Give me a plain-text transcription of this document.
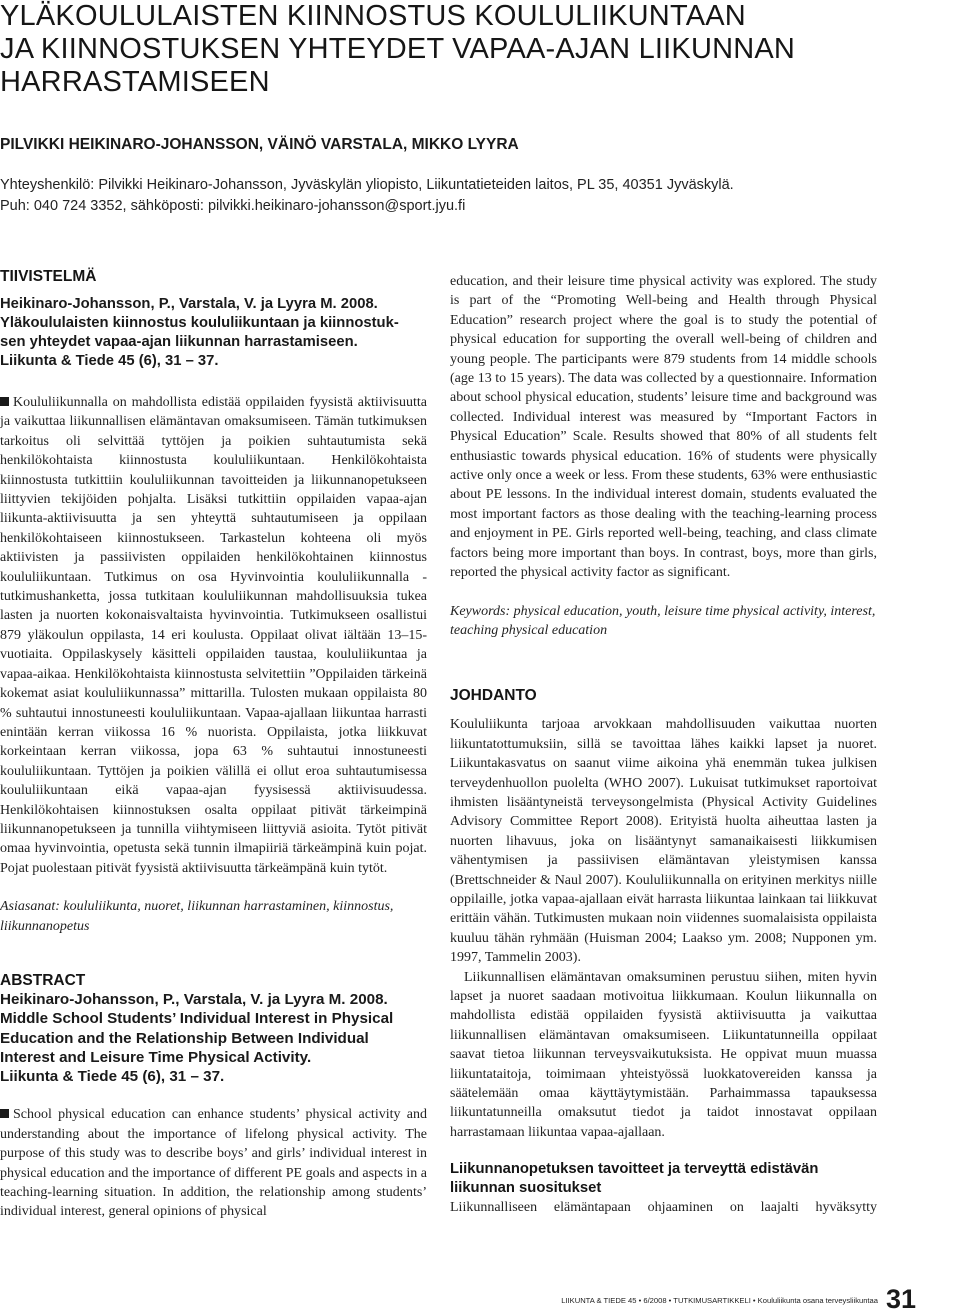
YLÄKOULULAISTEN KIINNOSTUS KOULULIIKUNTAAN
JA KIINNOSTUKSEN YHTEYDET VAPAA-AJAN LIIKUNNAN
HARRASTAMISEEN
PILVIKKI HEIKINARO-JOHANSSON, VÄINÖ VARSTALA, MIKKO LYYRA
Yhteyshenkilö: Pilvikki Heikinaro-Johansson, Jyväskylän yliopisto, Liikuntatieteiden laitos, PL 35, 40351 Jyväskylä.
Puh: 040 724 3352, sähköposti: pilvikki.heikinaro-johansson@sport.jyu.fi
TIIVISTELMÄ
Heikinaro-Johansson, P., Varstala, V. ja Lyyra M. 2008.
Yläkoululaisten kiinnostus koululiikuntaan ja kiinnostuk-
sen yhteydet vapaa-ajan liikunnan harrastamiseen.
Liikunta & Tiede 45 (6), 31 – 37.

Koululiikunnalla on mahdollista edistää oppilaiden fyysistä aktiivisuutta ja vaikuttaa liikunnallisen elämäntavan omaksumiseen. Tämän tutkimuksen tarkoitus oli selvittää tyttöjen ja poikien suhtautumista sekä henkilökohtaista kiinnostusta koululiikuntaan. Henkilökohtaista kiinnostusta tutkittiin koululiikunnan tavoitteiden ja liikunnanopetukseen liittyvien tekijöiden pohjalta. Lisäksi tutkittiin oppilaiden vapaa-ajan liikunta-aktiivisuutta ja sen yhteyttä suhtautumiseen ja oppilaan henkilökohtaiseen kiinnostukseen. Tarkastelun kohteena oli myös aktiivisten ja passiivisten oppilaiden henkilökohtainen kiinnostus koululiikuntaan. Tutkimus on osa Hyvinvointia koululiikunnalla -tutkimushanketta, jossa tutkitaan koululiikunnan mahdollisuuksia tukea lasten ja nuorten kokonaisvaltaista hyvinvointia. Tutkimukseen osallistui 879 yläkoulun oppilasta, 14 eri koulusta. Oppilaat olivat iältään 13–15-vuotiaita. Oppilaskysely käsitteli oppilaiden taustaa, koululiikuntaa ja vapaa-aikaa. Henkilökohtaista kiinnostusta selvitettiin ”Oppilaiden tärkeinä kokemat asiat koululiikunnassa” mittarilla. Tulosten mukaan oppilaista 80 % suhtautui innostuneesti koululiikuntaan. Vapaa-ajallaan liikuntaa harrasti enintään kerran viikossa 16 % nuorista. Oppilaista, jotka liikkuvat korkeintaan kerran viikossa, jopa 63 % suhtautui innostuneesti koululiikuntaan. Tyttöjen ja poikien välillä ei ollut eroa suhtautumisessa koululiikuntaan eikä vapaa-ajan fyysisessä aktiivisuudessa. Henkilökohtaisen kiinnostuksen osalta oppilaat pitivät tärkeimpinä liikunnanopetukseen ja tunnilla viihtymiseen liittyviä asioita. Tytöt pitivät omaa hyvinvointia, opetusta sekä tunnin ilmapiiriä tärkeämpinä kuin pojat. Pojat puolestaan pitivät fyysistä aktiivisuutta tärkeämpänä kuin tytöt.

Asiasanat: koululiikunta, nuoret, liikunnan harrastaminen, kiinnostus, liikunnanopetus
ABSTRACT
Heikinaro-Johansson, P., Varstala, V. ja Lyyra M. 2008.
Middle School Students’ Individual Interest in Physical
Education and the Relationship Between Individual
Interest and Leisure Time Physical Activity.
Liikunta & Tiede 45 (6), 31 – 37.

School physical education can enhance students’ physical activity and understanding about the importance of lifelong physical activity. The purpose of this study was to describe boys’ and girls’ individual interest in physical education and the importance of different PE goals and aspects in a teaching-learning situation. In addition, the relationship among students’ individual interest, general opinions of physical

education, and their leisure time physical activity was explored. The study is part of the “Promoting Well-being and Health through Physical Education” research project where the goal is to study the potential of physical education for supporting the overall well-being of children and young people. The participants were 879 students from 14 middle schools (age 13 to 15 years). The data was collected by a questionnaire. Information about school physical education, students’ leisure time and background was collected. Individual interest was measured by “Important Factors in Physical Education” Scale. Results showed that 80% of all students felt enthusiastic towards physical education. 16% of students were physically active only once a week or less. From these students, 63% were enthusiastic about PE lessons. In the individual interest domain, students evaluated the most important factors as those dealing with the teaching-learning process and enjoyment in PE. Girls reported well-being, teaching, and class climate factors being more important than boys. In contrast, boys, more than girls, reported the physical activity factor as significant.

Keywords: physical education, youth, leisure time physical activity, interest, teaching physical education
JOHDANTO

Koululiikunta tarjoaa arvokkaan mahdollisuuden vaikuttaa nuorten liikuntatottumuksiin, sillä se tavoittaa lähes kaikki lapset ja nuoret. Liikuntakasvatus on saanut viime aikoina yhä enemmän tukea julkisen terveydenhuollon puolelta (WHO 2007). Lukuisat tutkimukset raportoivat ihmisten lisääntyneistä terveysongelmista (Physical Activity Guidelines Advisory Committee Report 2008). Erityistä huolta aiheuttaa lasten ja nuorten lihavuus, joka on lisääntynyt samanaikaisesti liikkumisen vähentymisen ja passiivisen elämäntavan yleistymisen kanssa (Brettschneider & Naul 2007). Koululiikunnalla on erityinen merkitys niille oppilaille, jotka vapaa-ajallaan eivät harrasta liikuntaa lainkaan tai liikkuvat erittäin vähän. Tutkimusten mukaan noin viidennes suomalaisista oppilaista kuuluu tähän ryhmään (Huisman 2004; Laakso ym. 2008; Nupponen ym. 1997, Tammelin 2003).

Liikunnallisen elämäntavan omaksuminen perustuu siihen, miten hyvin lapset ja nuoret saadaan motivoitua liikkumaan. Koulun liikunnalla on mahdollista edistää oppilaiden fyysistä aktiivisuutta ja vaikuttaa liikunnallisen elämäntavan omaksumiseen. Liikuntatunneilla oppilaat saavat tietoa liikunnan terveysvaikutuksista. He oppivat muun muassa liikuntataitoja, toimimaan yhteistyössä luokkatovereiden kanssa ja säätelemään omaa käyttäytymistään. Parhaimmassa tapauksessa liikuntatunneilla omaksutut tiedot ja taidot innostavat oppilaan harrastamaan liikuntaa vapaa-ajallaan.

Liikunnanopetuksen tavoitteet ja terveyttä edistävän liikunnan suositukset

Liikunnalliseen elämäntapaan ohjaaminen on laajalti hyväksytty

LIIKUNTA & TIEDE 45 • 6/2008 • TUTKIMUSARTIKKELI • Koululiikunta osana terveysliikuntaa 31
